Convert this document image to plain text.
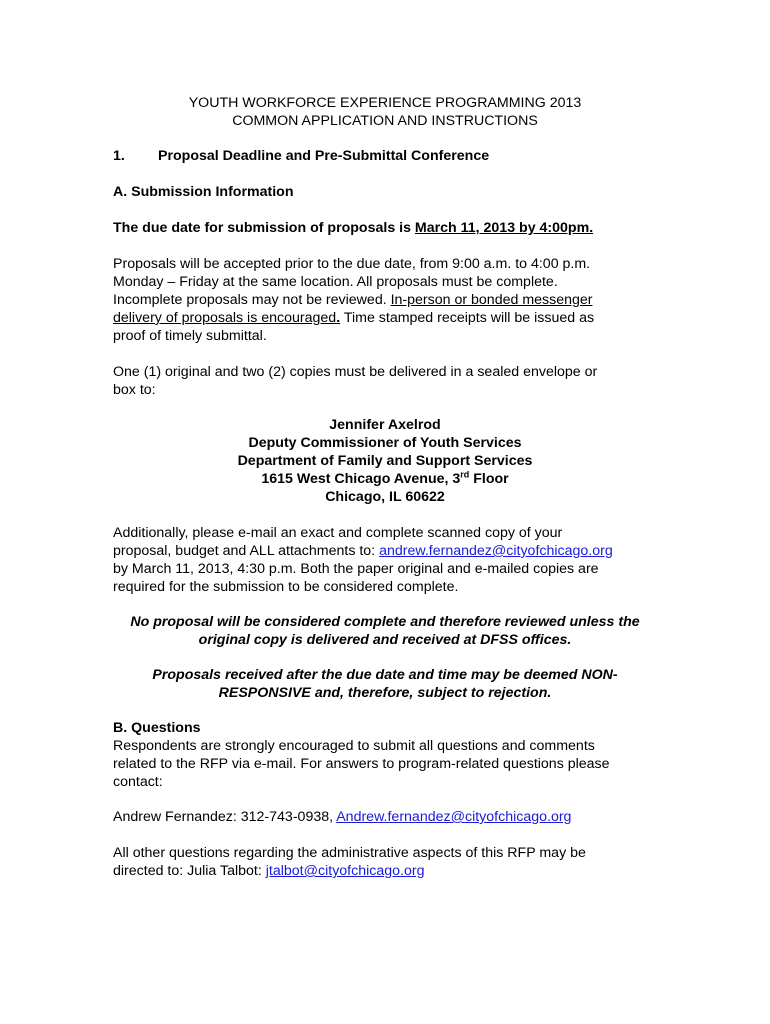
YOUTH WORKFORCE EXPERIENCE PROGRAMMING 2013
COMMON APPLICATION AND INSTRUCTIONS
1. Proposal Deadline and Pre-Submittal Conference
A. Submission Information
The due date for submission of proposals is March 11, 2013 by 4:00pm.
Proposals will be accepted prior to the due date, from 9:00 a.m. to 4:00 p.m.
Monday – Friday at the same location. All proposals must be complete.
Incomplete proposals may not be reviewed. In-person or bonded messenger
delivery of proposals is encouraged. Time stamped receipts will be issued as
proof of timely submittal.
One (1) original and two (2) copies must be delivered in a sealed envelope or
box to:
Jennifer Axelrod
Deputy Commissioner of Youth Services
Department of Family and Support Services
1615 West Chicago Avenue, 3rd Floor
Chicago, IL 60622
Additionally, please e-mail an exact and complete scanned copy of your
proposal, budget and ALL attachments to: andrew.fernandez@cityofchicago.org
by March 11, 2013, 4:30 p.m. Both the paper original and e-mailed copies are
required for the submission to be considered complete.
No proposal will be considered complete and therefore reviewed unless the
original copy is delivered and received at DFSS offices.
Proposals received after the due date and time may be deemed NON-
RESPONSIVE and, therefore, subject to rejection.
B. Questions
Respondents are strongly encouraged to submit all questions and comments
related to the RFP via e-mail. For answers to program-related questions please
contact:
Andrew Fernandez: 312-743-0938, Andrew.fernandez@cityofchicago.org
All other questions regarding the administrative aspects of this RFP may be
directed to: Julia Talbot: jtalbot@cityofchicago.org
